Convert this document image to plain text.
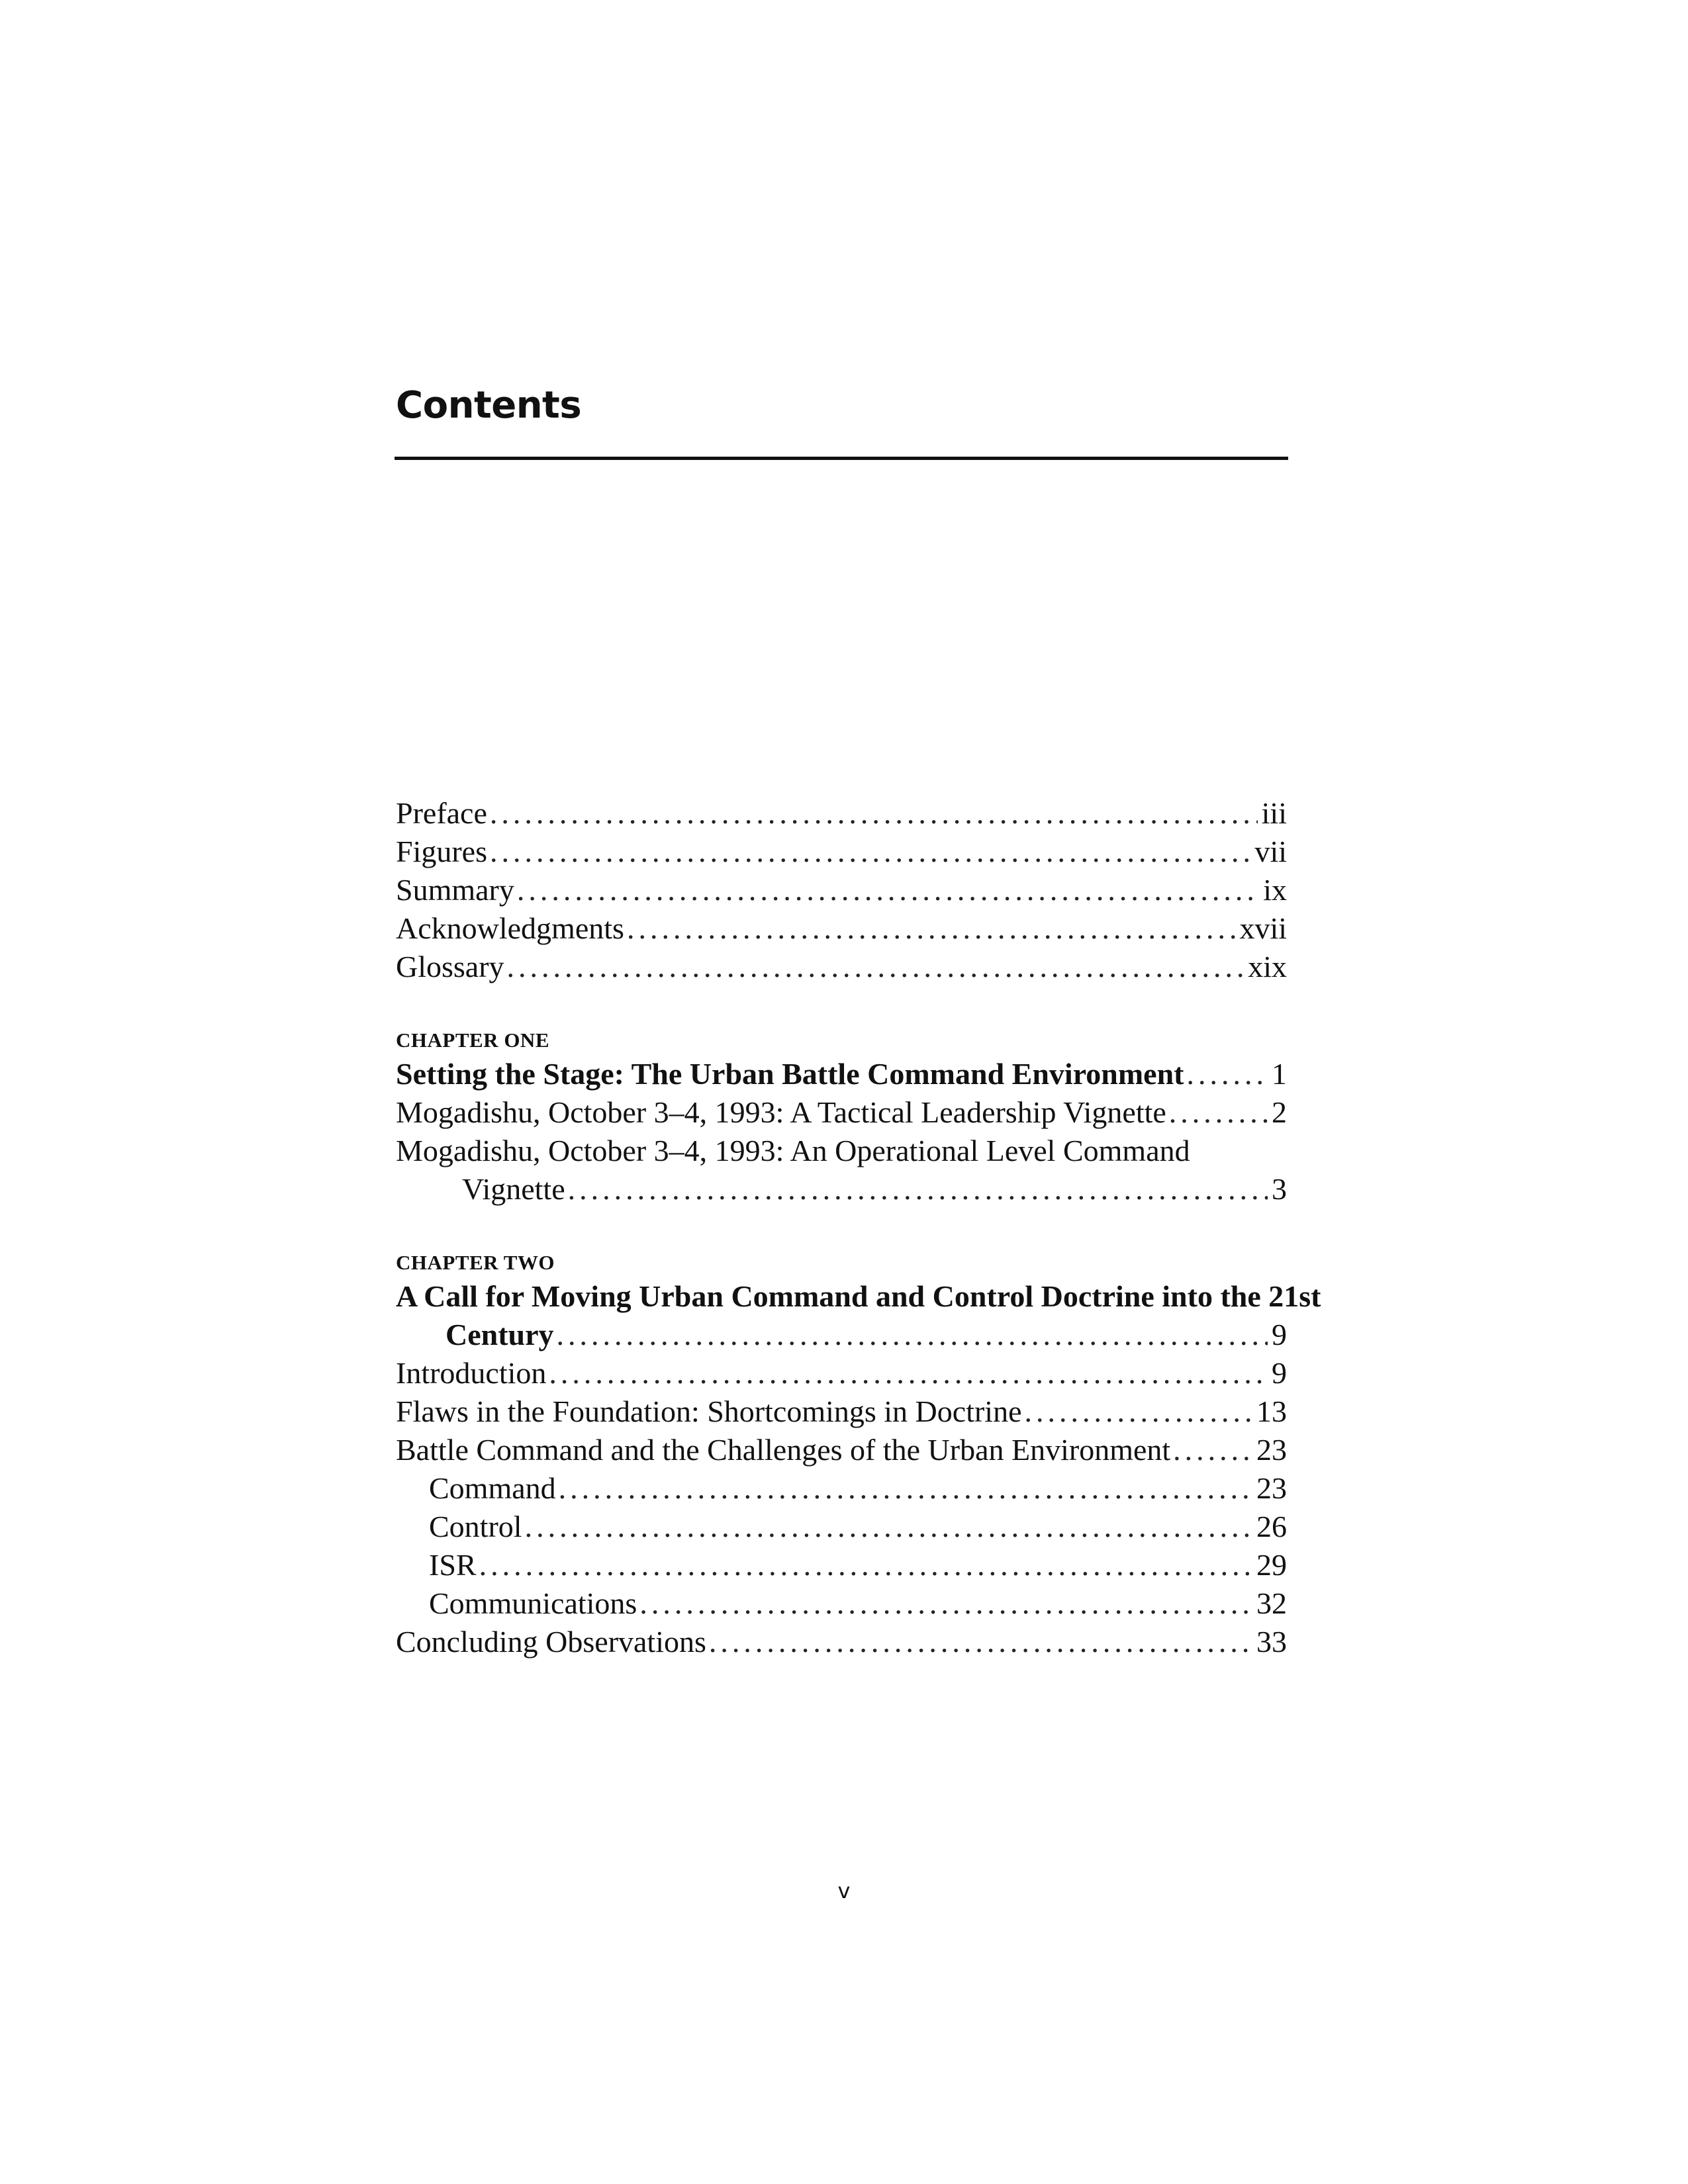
Contents
Preface .....	iii
Figures .....	vii
Summary .....	ix
Acknowledgments .....	xvii
Glossary .....	xix
CHAPTER ONE
Setting the Stage: The Urban Battle Command Environment .....	1
Mogadishu, October 3–4, 1993: A Tactical Leadership Vignette .....	2
Mogadishu, October 3–4, 1993: An Operational Level Command
Vignette .....	3
CHAPTER TWO
A Call for Moving Urban Command and Control Doctrine into the 21st
Century .....	9
Introduction .....	9
Flaws in the Foundation: Shortcomings in Doctrine .....	13
Battle Command and the Challenges of the Urban Environment .....	23
Command .....	23
Control .....	26
ISR .....	29
Communications .....	32
Concluding Observations .....	33
v
